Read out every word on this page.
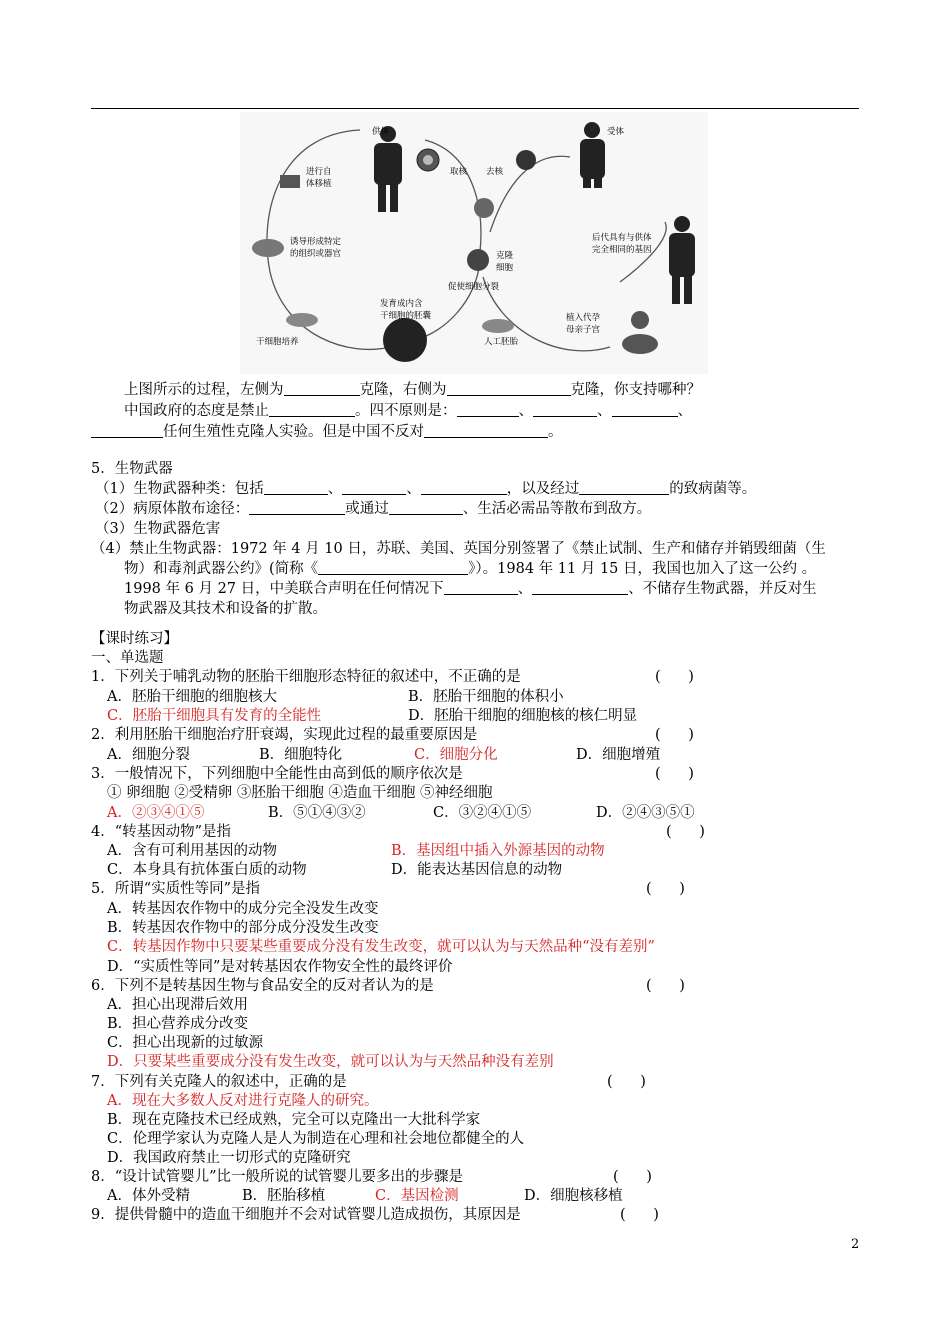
供体	受体
进行自
体移植
取核 去核
诱导形成特定
的组织或器官	克隆
细胞
促使细胞分裂
后代具有与供体
完全相同的基因
发育成内含
干细胞的胚囊	植入代孕
母亲子宫
干细胞培养	人工胚胎
上图所示的过程，左侧为	克隆，右侧为	克隆，你支持哪种？
中国政府的态度是禁止	。四不原则是：	、	、	、
任何生殖性克隆人实验。但是中国不反对	。
5．生物武器
（1）生物武器种类：包括	、	、	，以及经过	的致病菌等。
（2）病原体散布途径：	或通过	、生活必需品等散布到敌方。
（3）生物武器危害
（4）禁止生物武器：1972 年 4 月 10 日，苏联、美国、英国分别签署了《禁止试制、生产和储存并销毁细菌（生
物）和毒剂武器公约》(简称《	》）。1984 年 11 月 15 日，我国也加入了这一公约 。
1998 年 6 月 27 日，中美联合声明在任何情况下	、	、不储存生物武器，并反对生
物武器及其技术和设备的扩散。
【课时练习】
一、单选题
1．下列关于哺乳动物的胚胎干细胞形态特征的叙述中，不正确的是	(      )
A．胚胎干细胞的细胞核大	B．胚胎干细胞的体积小
C．胚胎干细胞具有发育的全能性	D．胚胎干细胞的细胞核的核仁明显
2．利用胚胎干细胞治疗肝衰竭，实现此过程的最重要原因是	(      )
A．细胞分裂	B．细胞特化	C．细胞分化	D．细胞增殖
3．一般情况下，下列细胞中全能性由高到低的顺序依次是	(      )
① 卵细胞 ②受精卵 ③胚胎干细胞 ④造血干细胞 ⑤神经细胞
A．②③④①⑤	B．⑤①④③②	C．③②④①⑤	D．②④③⑤①
4．“转基因动物”是指	(      )
A．含有可利用基因的动物	B．基因组中插入外源基因的动物
C．本身具有抗体蛋白质的动物	D．能表达基因信息的动物
5．所谓“实质性等同”是指	(      )
A．转基因农作物中的成分完全没发生改变
B．转基因农作物中的部分成分没发生改变
C．转基因作物中只要某些重要成分没有发生改变，就可以认为与天然品种“没有差别”
D．“实质性等同”是对转基因农作物安全性的最终评价
6．下列不是转基因生物与食品安全的反对者认为的是	(      )
A．担心出现滞后效用
B．担心营养成分改变
C．担心出现新的过敏源
D．只要某些重要成分没有发生改变，就可以认为与天然品种没有差别
7．下列有关克隆人的叙述中，正确的是	(      )
A．现在大多数人反对进行克隆人的研究。
B．现在克隆技术已经成熟，完全可以克隆出一大批科学家
C．伦理学家认为克隆人是人为制造在心理和社会地位都健全的人
D．我国政府禁止一切形式的克隆研究
8．“设计试管婴儿”比一般所说的试管婴儿要多出的步骤是	(      )
A．体外受精	B．胚胎移植	C．基因检测	D．细胞核移植
9．提供骨髓中的造血干细胞并不会对试管婴儿造成损伤，其原因是	(      )
2
